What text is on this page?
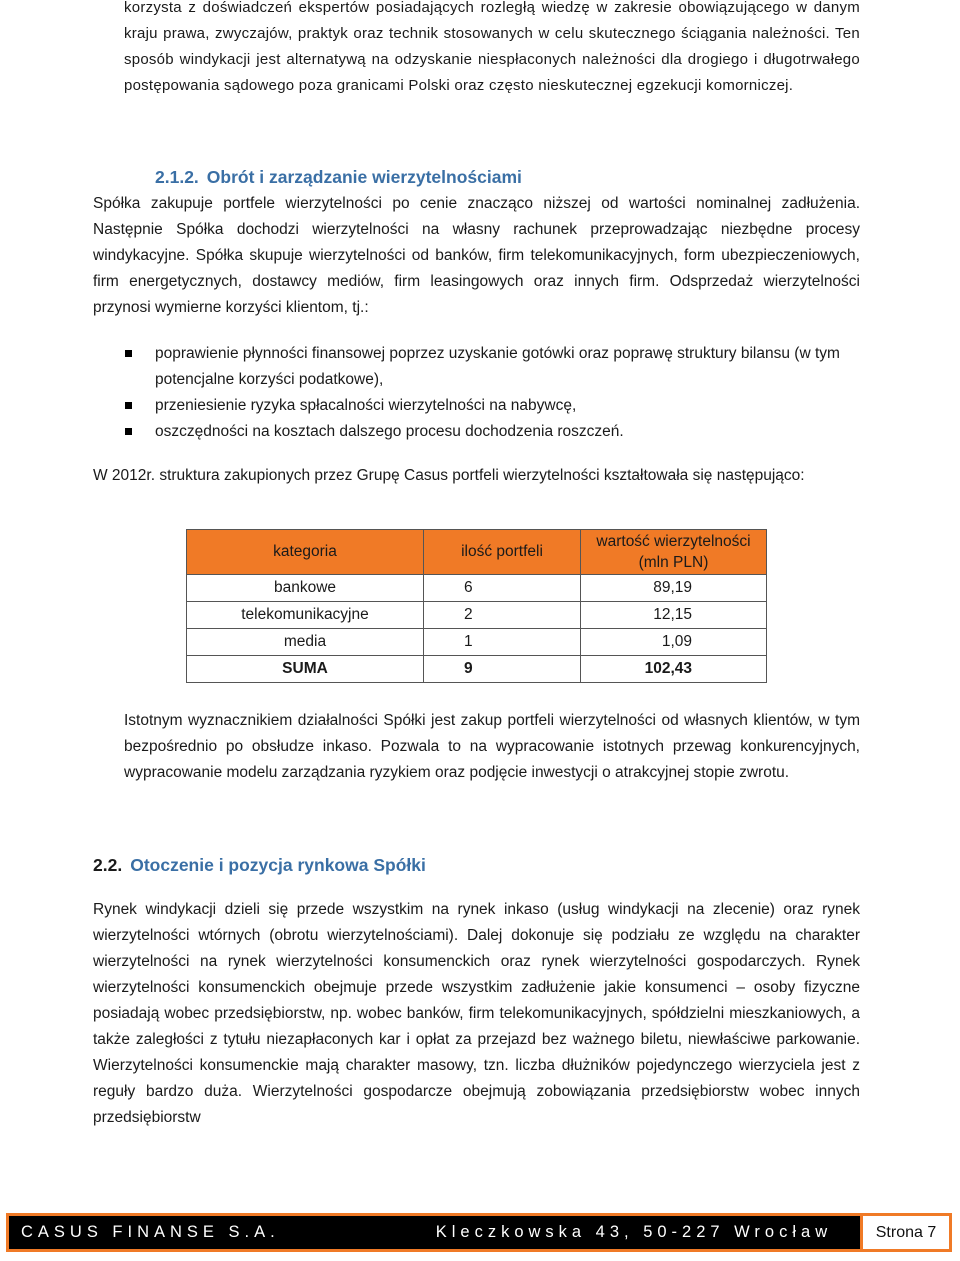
korzysta z doświadczeń ekspertów posiadających rozległą wiedzę w zakresie obowiązującego w danym kraju prawa, zwyczajów, praktyk oraz technik stosowanych w celu skutecznego ściągania należności. Ten sposób windykacji jest alternatywą na odzyskanie niespłaconych należności dla drogiego i długotrwałego postępowania sądowego poza granicami Polski oraz często nieskutecznej egzekucji komorniczej.

2.1.2. Obrót i zarządzanie wierzytelnościami

Spółka zakupuje portfele wierzytelności po cenie znacząco niższej od wartości nominalnej zadłużenia. Następnie Spółka dochodzi wierzytelności na własny rachunek przeprowadzając niezbędne procesy windykacyjne. Spółka skupuje wierzytelności od banków, firm telekomunikacyjnych, form ubezpieczeniowych, firm energetycznych, dostawcy mediów, firm leasingowych oraz innych firm. Odsprzedaż wierzytelności przynosi wymierne korzyści klientom, tj.:

poprawienie płynności finansowej poprzez uzyskanie gotówki oraz poprawę struktury bilansu (w tym potencjalne korzyści podatkowe),
przeniesienie ryzyka spłacalności wierzytelności na nabywcę,
oszczędności na kosztach dalszego procesu dochodzenia roszczeń.

W 2012r. struktura zakupionych przez Grupę Casus portfeli wierzytelności kształtowała się następująco:

kategoria	ilość portfeli	wartość wierzytelności (mln PLN)
bankowe	6	89,19
telekomunikacyjne	2	12,15
media	1	1,09
SUMA	9	102,43

Istotnym wyznacznikiem działalności Spółki jest zakup portfeli wierzytelności od własnych klientów, w tym bezpośrednio po obsłudze inkaso. Pozwala to na wypracowanie istotnych przewag konkurencyjnych, wypracowanie modelu zarządzania ryzykiem oraz podjęcie inwestycji o atrakcyjnej stopie zwrotu.

2.2. Otoczenie i pozycja rynkowa Spółki

Rynek windykacji dzieli się przede wszystkim na rynek inkaso (usług windykacji na zlecenie) oraz rynek wierzytelności wtórnych (obrotu wierzytelnościami). Dalej dokonuje się podziału ze względu na charakter wierzytelności na rynek wierzytelności konsumenckich oraz rynek wierzytelności gospodarczych. Rynek wierzytelności konsumenckich obejmuje przede wszystkim zadłużenie jakie konsumenci – osoby fizyczne posiadają wobec przedsiębiorstw, np. wobec banków, firm telekomunikacyjnych, spółdzielni mieszkaniowych, a także zaległości z tytułu niezapłaconych kar i opłat za przejazd bez ważnego biletu, niewłaściwe parkowanie. Wierzytelności konsumenckie mają charakter masowy, tzn. liczba dłużników pojedynczego wierzyciela jest z reguły bardzo duża. Wierzytelności gospodarcze obejmują zobowiązania przedsiębiorstw wobec innych przedsiębiorstw

CASUS FINANSE S.A.	Kleczkowska 43, 50-227 Wrocław	Strona 7
